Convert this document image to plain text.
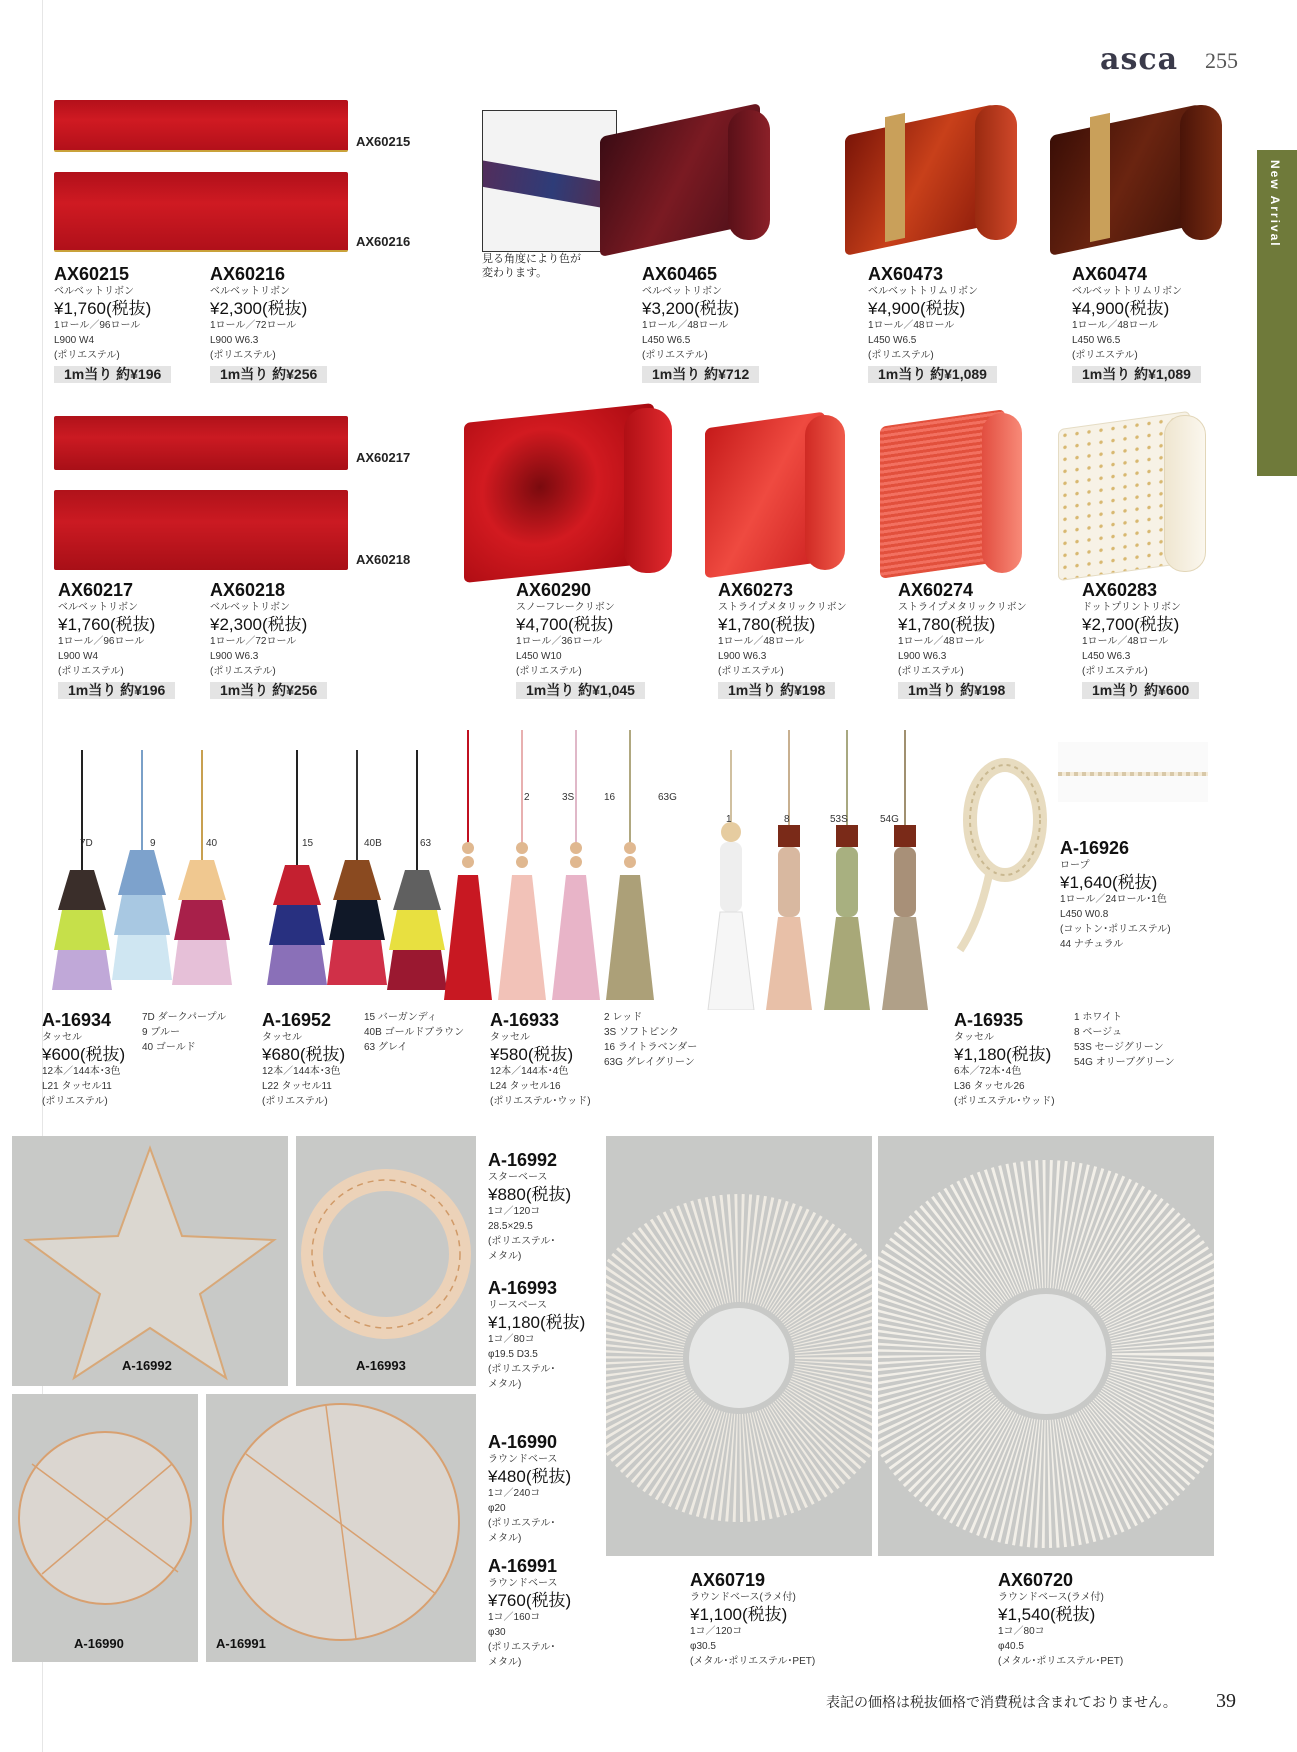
asca 255
New Arrival
AX60215
AX60216
見る角度により色が
変わります。
AX60215
ベルベットリボン
¥1,760(税抜)
1ロール／96ロール
L900 W4
(ポリエステル)
1m当り 約¥196
AX60216
ベルベットリボン
¥2,300(税抜)
1ロール／72ロール
L900 W6.3
(ポリエステル)
1m当り 約¥256
AX60465
ベルベットリボン
¥3,200(税抜)
1ロール／48ロール
L450 W6.5
(ポリエステル)
1m当り 約¥712
AX60473
ベルベットトリムリボン
¥4,900(税抜)
1ロール／48ロール
L450 W6.5
(ポリエステル)
1m当り 約¥1,089
AX60474
ベルベットトリムリボン
¥4,900(税抜)
1ロール／48ロール
L450 W6.5
(ポリエステル)
1m当り 約¥1,089
AX60217
AX60218
AX60217
ベルベットリボン
¥1,760(税抜)
1ロール／96ロール
L900 W4
(ポリエステル)
1m当り 約¥196
AX60218
ベルベットリボン
¥2,300(税抜)
1ロール／72ロール
L900 W6.3
(ポリエステル)
1m当り 約¥256
AX60290
スノーフレークリボン
¥4,700(税抜)
1ロール／36ロール
L450 W10
(ポリエステル)
1m当り 約¥1,045
AX60273
ストライプメタリックリボン
¥1,780(税抜)
1ロール／48ロール
L900 W6.3
(ポリエステル)
1m当り 約¥198
AX60274
ストライプメタリックリボン
¥1,780(税抜)
1ロール／48ロール
L900 W6.3
(ポリエステル)
1m当り 約¥198
AX60283
ドットプリントリボン
¥2,700(税抜)
1ロール／48ロール
L450 W6.3
(ポリエステル)
1m当り 約¥600
7D	9	40	15	40B	63
2	3S	16	63G
1	8	53S	54G
A-16926
ロープ
¥1,640(税抜)
1ロール／24ロール･1色
L450 W0.8
(コットン･ポリエステル)
44 ナチュラル
A-16934
タッセル
¥600(税抜)
12本／144本･3色
L21 タッセル11
(ポリエステル)
7D ダークパープル
9 ブルー
40 ゴールド
A-16952
タッセル
¥680(税抜)
12本／144本･3色
L22 タッセル11
(ポリエステル)
15 バーガンディ
40B ゴールドブラウン
63 グレイ
A-16933
タッセル
¥580(税抜)
12本／144本･4色
L24 タッセル16
(ポリエステル･ウッド)
2 レッド
3S ソフトピンク
16 ライトラベンダー
63G グレイグリーン
A-16935
タッセル
¥1,180(税抜)
6本／72本･4色
L36 タッセル26
(ポリエステル･ウッド)
1 ホワイト
8 ベージュ
53S セージグリーン
54G オリーブグリーン
A-16992	A-16993
A-16990	A-16991
A-16992
スターベース
¥880(税抜)
1コ／120コ
28.5×29.5
(ポリエステル･
メタル)
A-16993
リースベース
¥1,180(税抜)
1コ／80コ
φ19.5 D3.5
(ポリエステル･
メタル)
A-16990
ラウンドベース
¥480(税抜)
1コ／240コ
φ20
(ポリエステル･
メタル)
A-16991
ラウンドベース
¥760(税抜)
1コ／160コ
φ30
(ポリエステル･
メタル)
AX60719
ラウンドベース(ラメ付)
¥1,100(税抜)
1コ／120コ
φ30.5
(メタル･ポリエステル･PET)
AX60720
ラウンドベース(ラメ付)
¥1,540(税抜)
1コ／80コ
φ40.5
(メタル･ポリエステル･PET)
表記の価格は税抜価格で消費税は含まれておりません。 39
